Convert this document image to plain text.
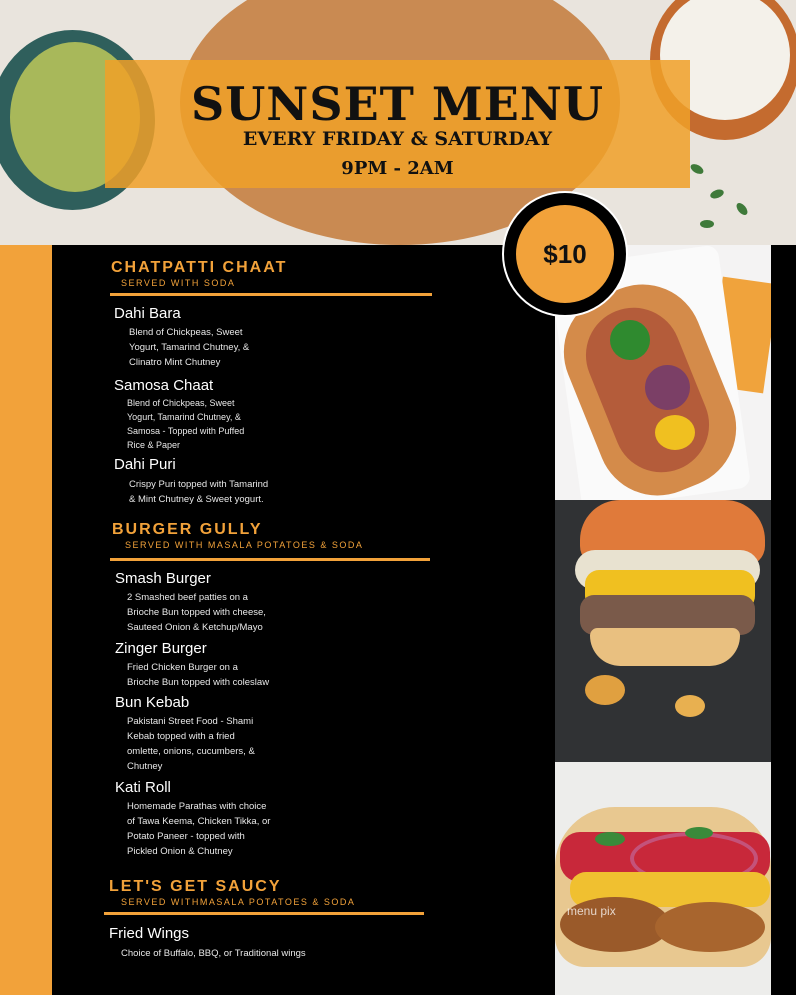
SUNSET MENU
EVERY FRIDAY & SATURDAY
9PM - 2AM
CHATPATTI CHAAT
SERVED WITH SODA
Dahi Bara
Blend of Chickpeas, Sweet
Yogurt, Tamarind Chutney, &
Clinatro Mint Chutney
Samosa Chaat
Blend of Chickpeas, Sweet
Yogurt, Tamarind Chutney, &
Samosa - Topped with Puffed
Rice & Paper
Dahi Puri
Crispy Puri topped with Tamarind
& Mint Chutney & Sweet yogurt.
BURGER GULLY
SERVED WITH MASALA POTATOES & SODA
Smash Burger
2 Smashed beef patties on a
Brioche Bun topped with cheese,
Sauteed Onion & Ketchup/Mayo
Zinger Burger
Fried Chicken Burger on a
Brioche Bun topped with coleslaw
Bun Kebab
Pakistani Street Food - Shami
Kebab topped with a fried
omlette, onions, cucumbers, &
Chutney
Kati Roll
Homemade Parathas with choice
of Tawa Keema, Chicken Tikka, or
Potato Paneer - topped with
Pickled Onion & Chutney
LET'S GET SAUCY
SERVED WITHMASALA POTATOES & SODA
Fried Wings
Choice of Buffalo, BBQ, or Traditional wings
menu pix
$10
